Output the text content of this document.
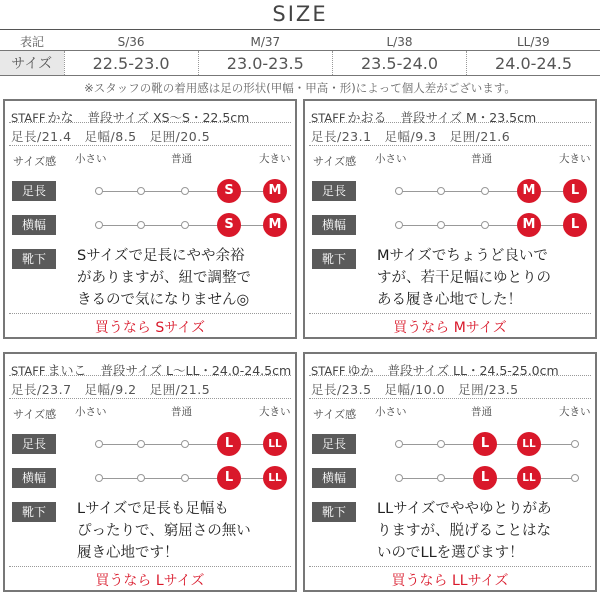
SIZE
表記	S/36	M/37	L/38	LL/39
サイズ	22.5-23.0	23.0-23.5	23.5-24.0	24.0-24.5
※スタッフの靴の着用感は足の形状(甲幅・甲高・形)によって個人差がございます。
STAFF かな 普段サイズ XS〜S・22.5cm
足長/21.4　足幅/8.5　足囲/20.5
サイズ感 小さい	普通	大きい
足長	S	M
横幅	S	M
靴下	Sサイズで足長にやや余裕
がありますが、紐で調整で
きるので気になりません◎
買うなら Sサイズ
STAFF かおる 普段サイズ M・23.5cm
足長/23.1　足幅/9.3　足囲/21.6
サイズ感 小さい	普通	大きい
足長	M	L
横幅	M	L
靴下	Mサイズでちょうど良いで
すが、若干足幅にゆとりの
ある履き心地でした！
買うなら Mサイズ
STAFF まいこ 普段サイズ L〜LL・24.0-24.5cm
足長/23.7　足幅/9.2　足囲/21.5
サイズ感 小さい	普通	大きい
足長	L	LL
横幅	L	LL
靴下	Lサイズで足長も足幅も
ぴったりで、窮屈さの無い
履き心地です！
買うなら Lサイズ
STAFF ゆか 普段サイズ LL・24.5-25.0cm
足長/23.5　足幅/10.0　足囲/23.5
サイズ感 小さい	普通	大きい
足長	L	LL
横幅	L	LL
靴下	LLサイズでややゆとりがあ
りますが、脱げることはな
いのでLLを選びます！
買うなら LLサイズ
